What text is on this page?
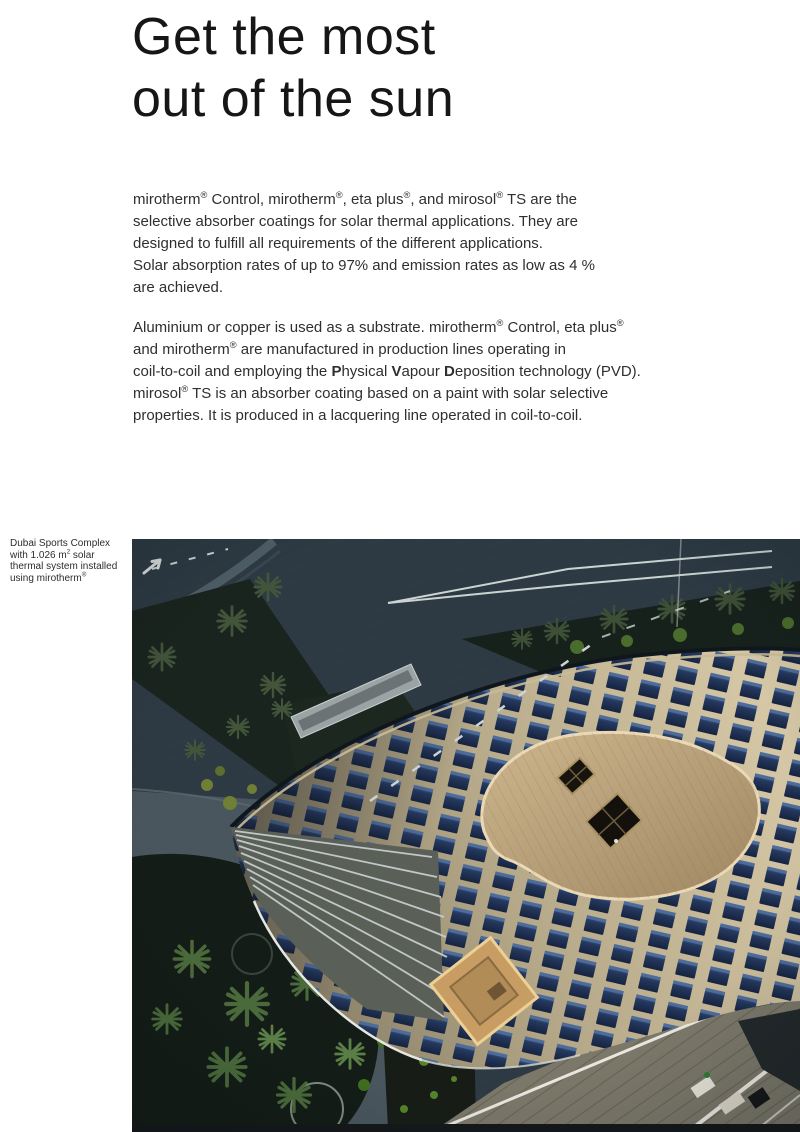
Get the most
out of the sun

mirotherm® Control, mirotherm®, eta plus®, and mirosol® TS are the
selective absorber coatings for solar thermal applications. They are
designed to fulfill all requirements of the different applications.
Solar absorption rates of up to 97% and emission rates as low as 4 %
are achieved.

Aluminium or copper is used as a substrate. mirotherm® Control, eta plus®
and mirotherm® are manufactured in production lines operating in
coil-to-coil and employing the Physical Vapour Deposition technology (PVD).
mirosol® TS is an absorber coating based on a paint with solar selective
properties. It is produced in a lacquering line operated in coil-to-coil.

Dubai Sports Complex
with 1.026 $m^2$ solar
thermal system installed
using mirotherm®
